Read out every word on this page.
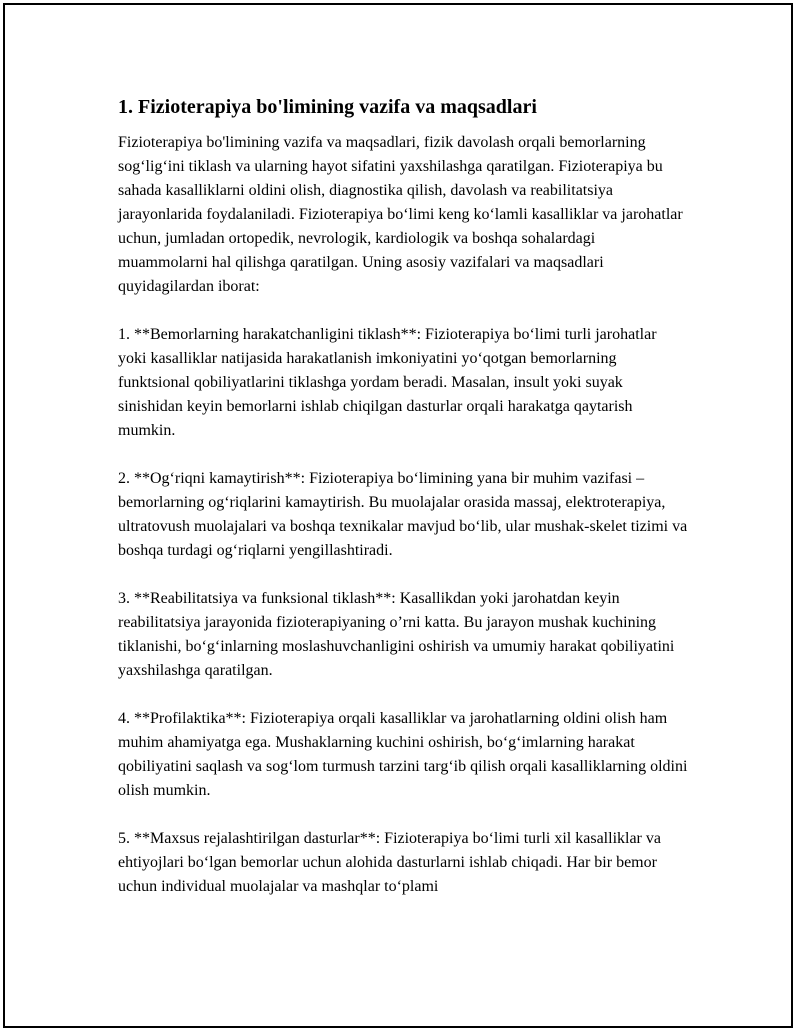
1. Fizioterapiya bo'limining vazifa va maqsadlari

Fizioterapiya bo'limining vazifa va maqsadlari, fizik davolash orqali bemorlarning sog‘lig‘ini tiklash va ularning hayot sifatini yaxshilashga qaratilgan. Fizioterapiya bu sahada kasalliklarni oldini olish, diagnostika qilish, davolash va reabilitatsiya jarayonlarida foydalaniladi. Fizioterapiya bo‘limi keng ko‘lamli kasalliklar va jarohatlar uchun, jumladan ortopedik, nevrologik, kardiologik va boshqa sohalardagi muammolarni hal qilishga qaratilgan. Uning asosiy vazifalari va maqsadlari quyidagilardan iborat:

1. **Bemorlarning harakatchanligini tiklash**: Fizioterapiya bo‘limi turli jarohatlar yoki kasalliklar natijasida harakatlanish imkoniyatini yo‘qotgan bemorlarning funktsional qobiliyatlarini tiklashga yordam beradi. Masalan, insult yoki suyak sinishidan keyin bemorlarni ishlab chiqilgan dasturlar orqali harakatga qaytarish mumkin.

2. **Og‘riqni kamaytirish**: Fizioterapiya bo‘limining yana bir muhim vazifasi – bemorlarning og‘riqlarini kamaytirish. Bu muolajalar orasida massaj, elektroterapiya, ultratovush muolajalari va boshqa texnikalar mavjud bo‘lib, ular mushak-skelet tizimi va boshqa turdagi og‘riqlarni yengillashtiradi.

3. **Reabilitatsiya va funksional tiklash**: Kasallikdan yoki jarohatdan keyin reabilitatsiya jarayonida fizioterapiyaning o’rni katta. Bu jarayon mushak kuchining tiklanishi, bo‘g‘inlarning moslashuvchanligini oshirish va umumiy harakat qobiliyatini yaxshilashga qaratilgan.

4. **Profilaktika**: Fizioterapiya orqali kasalliklar va jarohatlarning oldini olish ham muhim ahamiyatga ega. Mushaklarning kuchini oshirish, bo‘g‘imlarning harakat qobiliyatini saqlash va sog‘lom turmush tarzini targ‘ib qilish orqali kasalliklarning oldini olish mumkin.

5. **Maxsus rejalashtirilgan dasturlar**: Fizioterapiya bo‘limi turli xil kasalliklar va ehtiyojlari bo‘lgan bemorlar uchun alohida dasturlarni ishlab chiqadi. Har bir bemor uchun individual muolajalar va mashqlar to‘plami
